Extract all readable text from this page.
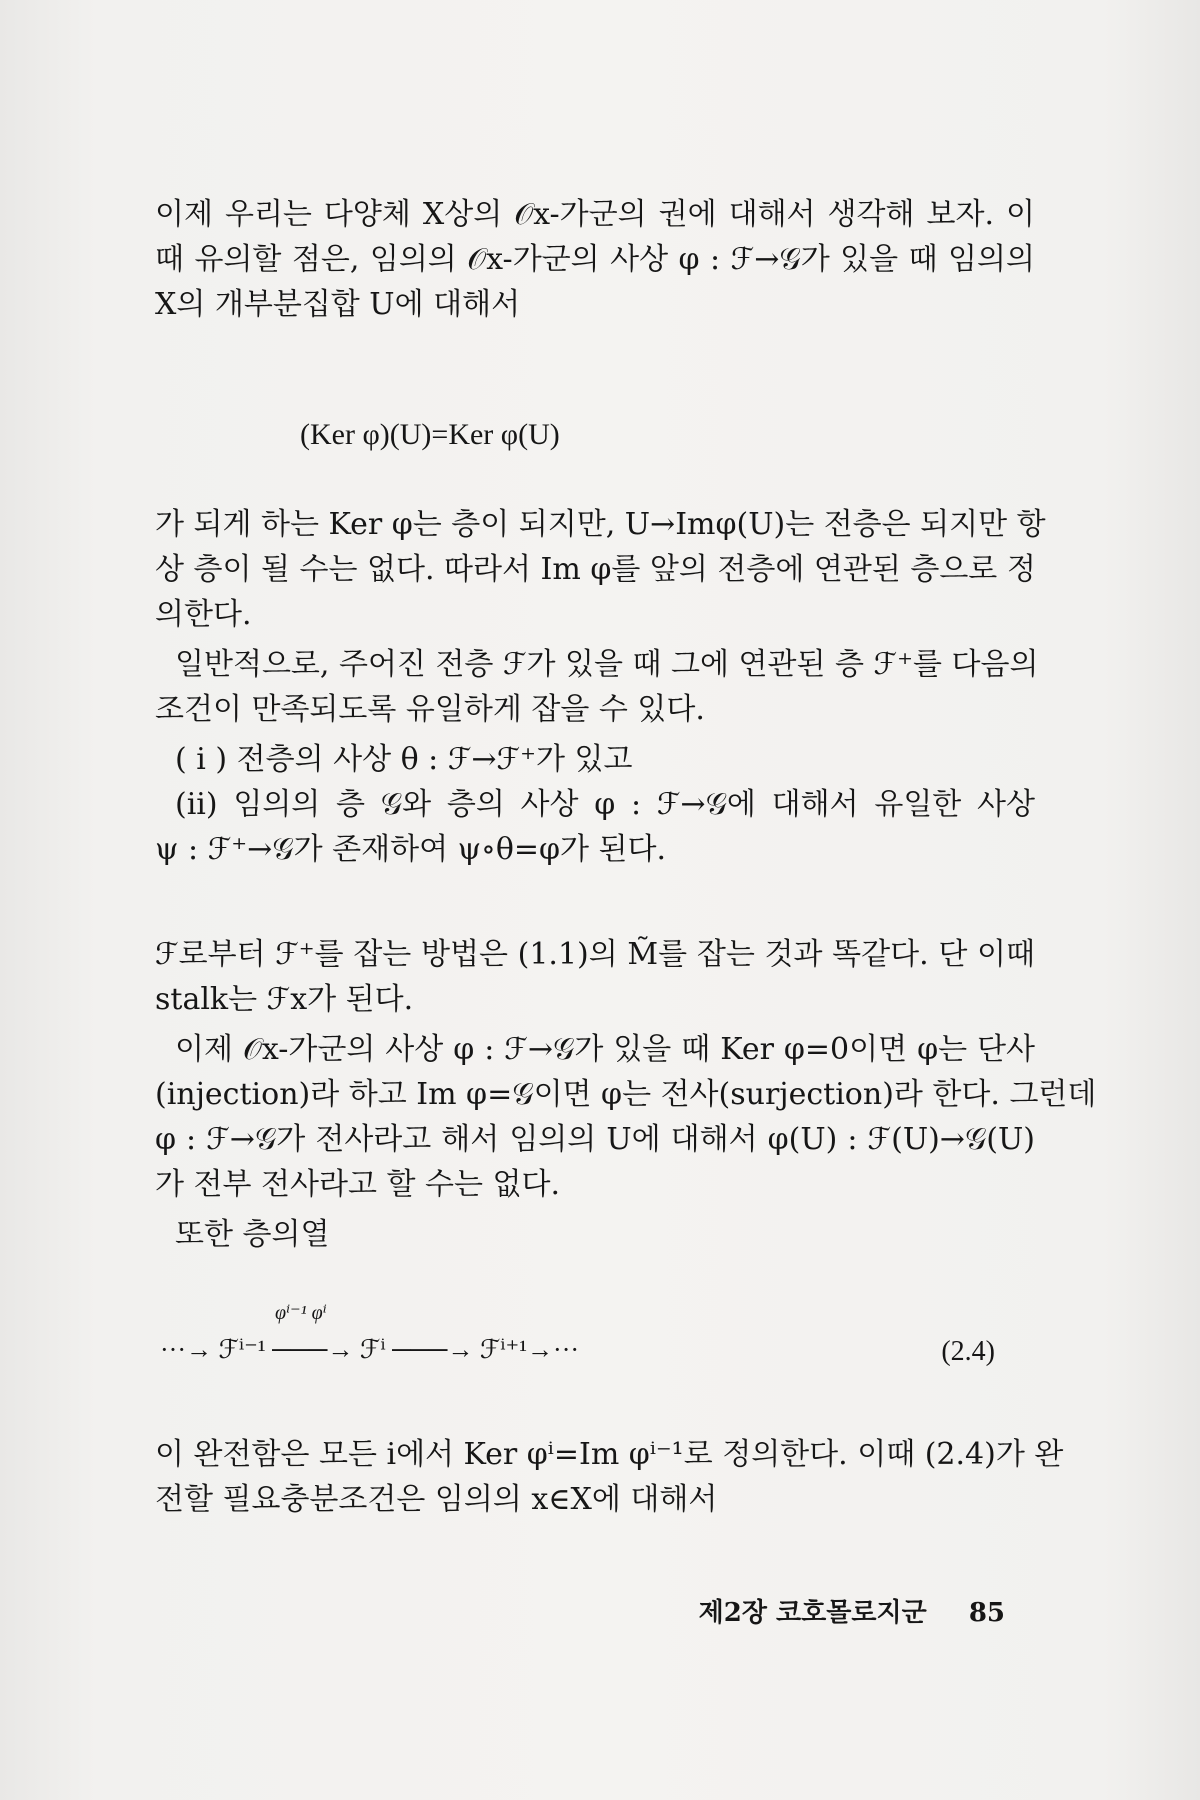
이제 우리는 다양체 X상의 𝒪x-가군의 권에 대해서 생각해 보자. 이
때 유의할 점은, 임의의 𝒪x-가군의 사상 φ : ℱ→𝒢가 있을 때 임의의
X의 개부분집합 U에 대해서
가 되게 하는 Ker φ는 층이 되지만, U→Imφ(U)는 전층은 되지만 항
상 층이 될 수는 없다. 따라서 Im φ를 앞의 전층에 연관된 층으로 정
의한다.
일반적으로, 주어진 전층 ℱ가 있을 때 그에 연관된 층 ℱ⁺를 다음의
조건이 만족되도록 유일하게 잡을 수 있다.
( i ) 전층의 사상 θ : ℱ→ℱ⁺가 있고
(ii) 임의의 층 𝒢와 층의 사상 φ : ℱ→𝒢에 대해서 유일한 사상
ψ : ℱ⁺→𝒢가 존재하여 ψ∘θ=φ가 된다.
ℱ로부터 ℱ⁺를 잡는 방법은 (1.1)의 M̃를 잡는 것과 똑같다. 단 이때
stalk는 ℱx가 된다.
이제 𝒪x-가군의 사상 φ : ℱ→𝒢가 있을 때 Ker φ=0이면 φ는 단사
(injection)라 하고 Im φ=𝒢이면 φ는 전사(surjection)라 한다. 그런데
φ : ℱ→𝒢가 전사라고 해서 임의의 U에 대해서 φ(U) : ℱ(U)→𝒢(U)
가 전부 전사라고 할 수는 없다.
또한 층의열
이 완전함은 모든 i에서 Ker φⁱ=Im φⁱ⁻¹로 정의한다. 이때 (2.4)가 완
전할 필요충분조건은 임의의 x∈X에 대해서
(Ker φ)(U)=Ker φ(U)
φⁱ⁻¹ φⁱ
···→ ℱⁱ⁻¹ ───→ ℱⁱ ───→ ℱⁱ⁺¹→···	(2.4)
제2장 코호몰로지군 85
